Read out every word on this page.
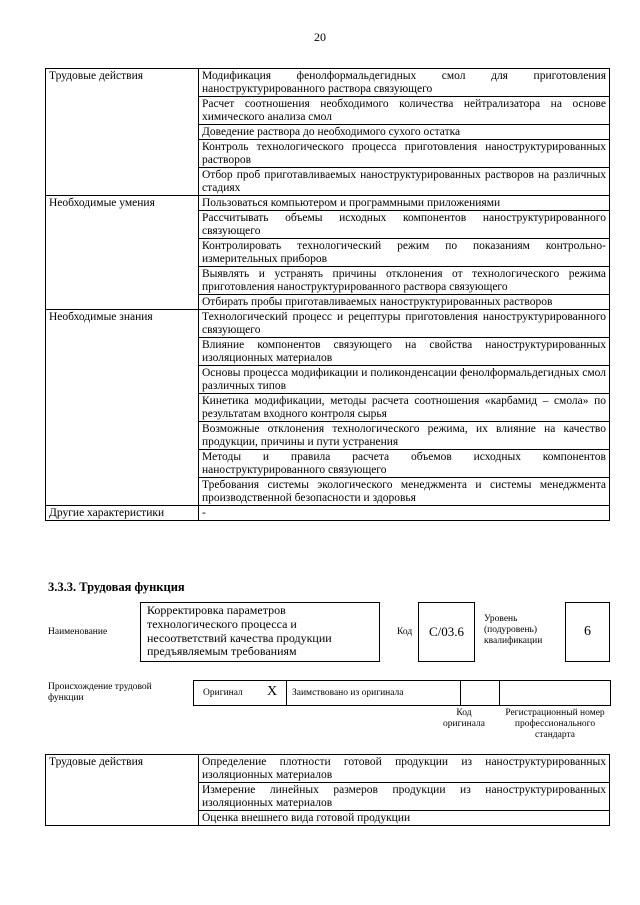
20
Трудовые действия	Модификация фенолформальдегидных смол для приготовления наноструктурированного раствора связующего
	Расчет соотношения необходимого количества нейтрализатора на основе химического анализа смол
	Доведение раствора до необходимого сухого остатка
	Контроль технологического процесса приготовления наноструктурированных растворов
	Отбор проб приготавливаемых наноструктурированных растворов на различных стадиях
Необходимые умения	Пользоваться компьютером и программными приложениями
	Рассчитывать объемы исходных компонентов наноструктурированного связующего
	Контролировать технологический режим по показаниям контрольно-измерительных приборов
	Выявлять и устранять причины отклонения от технологического режима приготовления наноструктурированного раствора связующего
	Отбирать пробы приготавливаемых наноструктурированных растворов
Необходимые знания	Технологический процесс и рецептуры приготовления наноструктурированного связующего
	Влияние компонентов связующего на свойства наноструктурированных изоляционных материалов
	Основы процесса модификации и поликонденсации фенолформальдегидных смол различных типов
	Кинетика модификации, методы расчета соотношения «карбамид – смола» по результатам входного контроля сырья
	Возможные отклонения технологического режима, их влияние на качество продукции, причины и пути устранения
	Методы и правила расчета объемов исходных компонентов наноструктурированного связующего
	Требования системы экологического менеджмента и системы менеджмента производственной безопасности и здоровья
Другие характеристики	-
3.3.3. Трудовая функция
Наименование
Корректировка параметров технологического процесса и несоответствий качества продукции предъявляемым требованиям
Код C/03.6
Уровень (подуровень) квалификации
6
Происхождение трудовой функции	Оригинал X Заимствовано из оригинала
Код оригинала
Регистрационный номер профессионального стандарта
Трудовые действия	Определение плотности готовой продукции из наноструктурированных изоляционных материалов
Измерение линейных размеров продукции из наноструктурированных изоляционных материалов
Оценка внешнего вида готовой продукции
